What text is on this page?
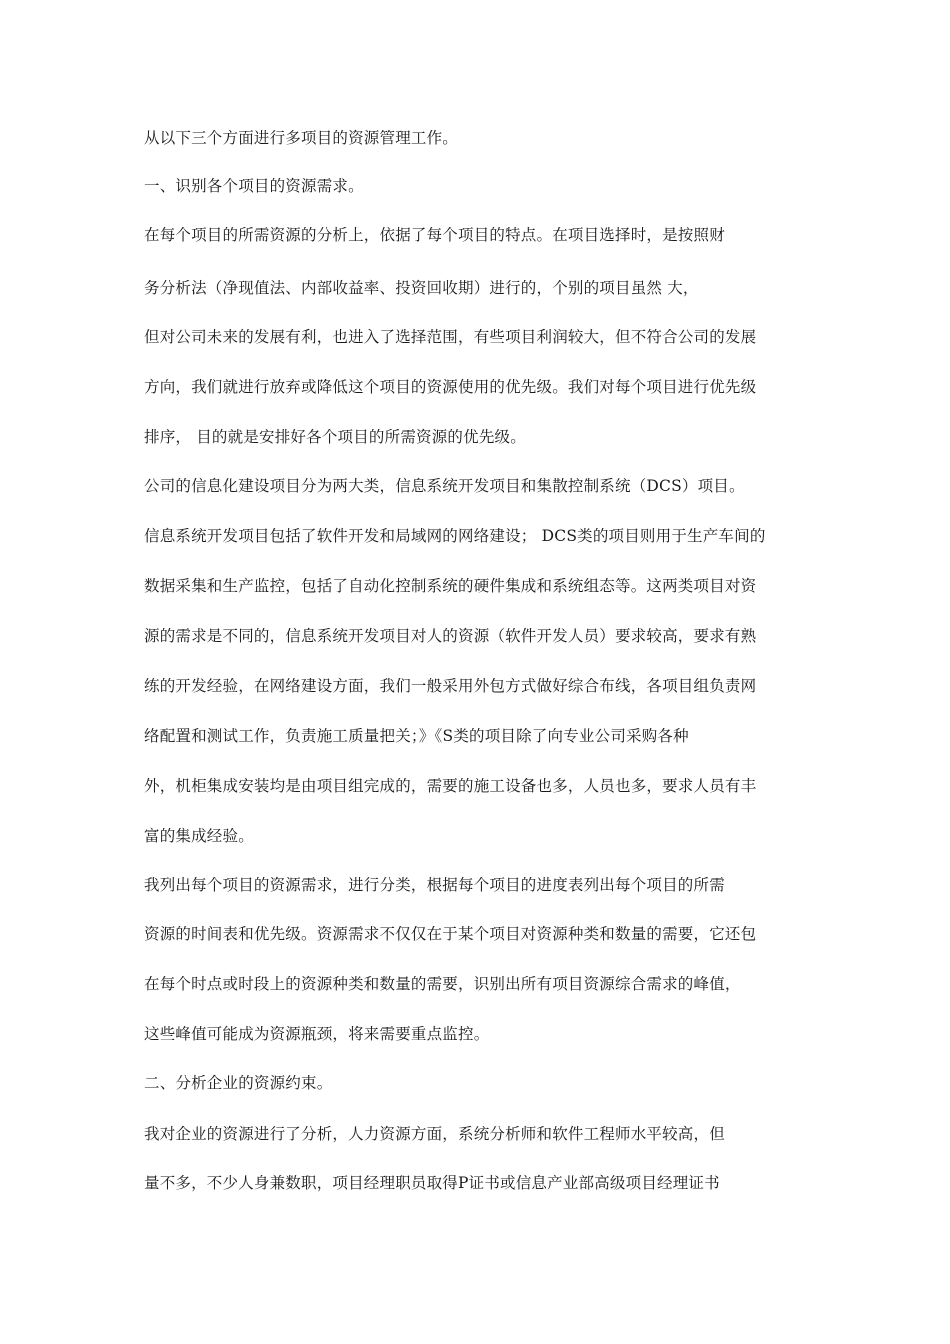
从以下三个方面进行多项目的资源管理工作。
一、识别各个项目的资源需求。
在每个项目的所需资源的分析上，依据了每个项目的特点。在项目选择时，是按照财
务分析法（净现值法、内部收益率、投资回收期）进行的，个别的项目虽然 大，
但对公司未来的发展有利，也进入了选择范围，有些项目利润较大，但不符合公司的发展
方向，我们就进行放弃或降低这个项目的资源使用的优先级。我们对每个项目进行优先级
排序， 目的就是安排好各个项目的所需资源的优先级。
公司的信息化建设项目分为两大类，信息系统开发项目和集散控制系统（DCS）项目。
信息系统开发项目包括了软件开发和局域网的网络建设； DCS类的项目则用于生产车间的
数据采集和生产监控，包括了自动化控制系统的硬件集成和系统组态等。这两类项目对资
源的需求是不同的，信息系统开发项目对人的资源（软件开发人员）要求较高，要求有熟
练的开发经验，在网络建设方面，我们一般采用外包方式做好综合布线，各项目组负责网
络配置和测试工作，负责施工质量把关；》《S类的项目除了向专业公司采购各种
外，机柜集成安装均是由项目组完成的，需要的施工设备也多，人员也多，要求人员有丰
富的集成经验。
我列出每个项目的资源需求，进行分类，根据每个项目的进度表列出每个项目的所需
资源的时间表和优先级。资源需求不仅仅在于某个项目对资源种类和数量的需要，它还包
在每个时点或时段上的资源种类和数量的需要，识别出所有项目资源综合需求的峰值，
这些峰值可能成为资源瓶颈，将来需要重点监控。
二、分析企业的资源约束。
我对企业的资源进行了分析，人力资源方面，系统分析师和软件工程师水平较高，但
量不多，不少人身兼数职，项目经理职员取得P证书或信息产业部高级项目经理证书
